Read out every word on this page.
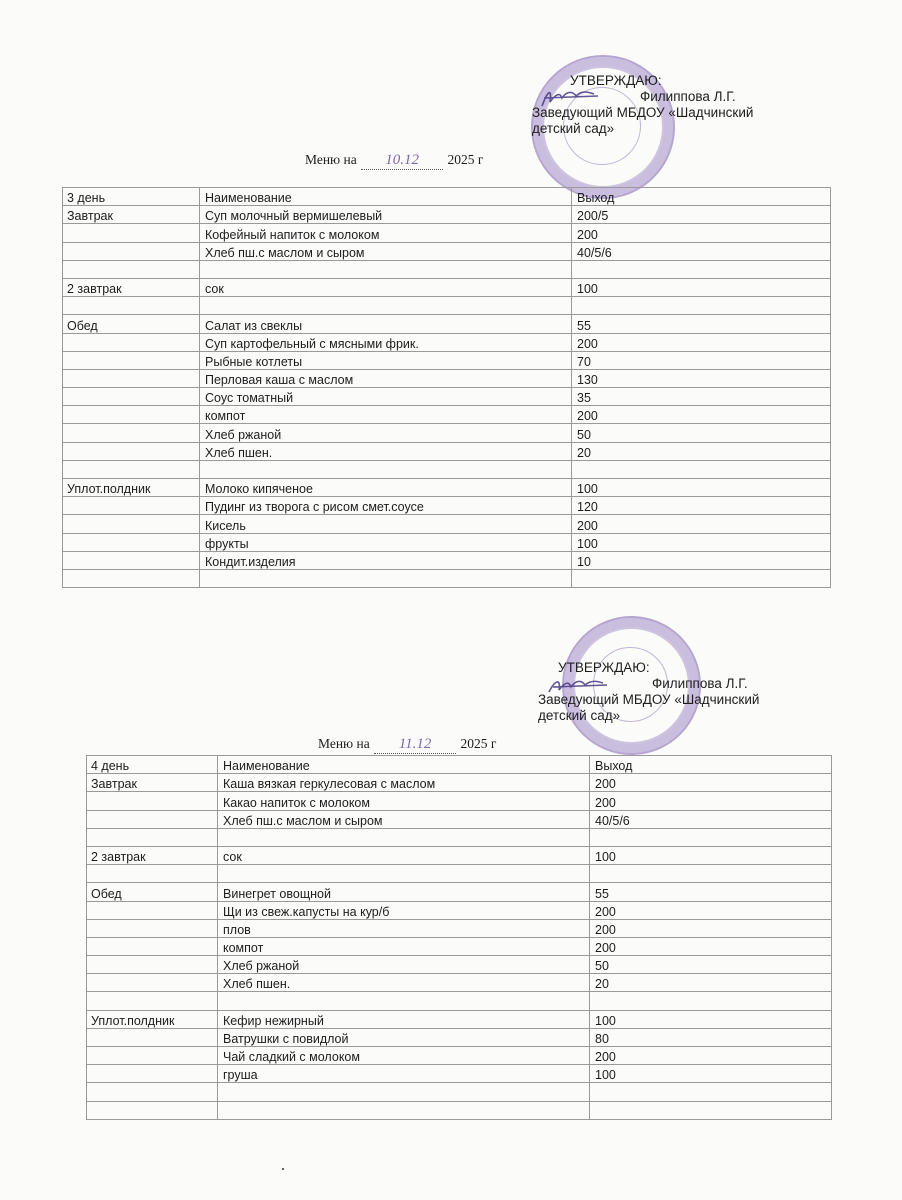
УТВЕРЖДАЮ:
Филиппова Л.Г.
Заведующий МБДОУ «Шадчинский
детский сад»
Меню на 10.12 2025 г
3 день	Наименование	Выход
Завтрак	Суп молочный вермишелевый	200/5
	Кофейный напиток с молоком	200
	Хлеб пш.с маслом и сыром	40/5/6

2 завтрак	сок	100

Обед	Салат из свеклы	55
	Суп картофельный с мясными фрик.	200
	Рыбные котлеты	70
	Перловая каша с маслом	130
	Соус томатный	35
	компот	200
	Хлеб ржаной	50
	Хлеб пшен.	20

Уплот.полдник	Молоко кипяченое	100
	Пудинг из творога с рисом смет.соусе	120
	Кисель	200
	фрукты	100
	Кондит.изделия	10

УТВЕРЖДАЮ:
Филиппова Л.Г.
Заведующий МБДОУ «Шадчинский
детский сад»
Меню на 11.12 2025 г
4 день	Наименование	Выход
Завтрак	Каша вязкая геркулесовая с маслом	200
	Какао напиток с молоком	200
	Хлеб пш.с маслом и сыром	40/5/6

2 завтрак	сок	100

Обед	Винегрет овощной	55
	Щи из свеж.капусты на кур/б	200
	плов	200
	компот	200
	Хлеб ржаной	50
	Хлеб пшен.	20

Уплот.полдник	Кефир нежирный	100
	Ватрушки с повидлой	80
	Чай сладкий с молоком	200
	груша	100
